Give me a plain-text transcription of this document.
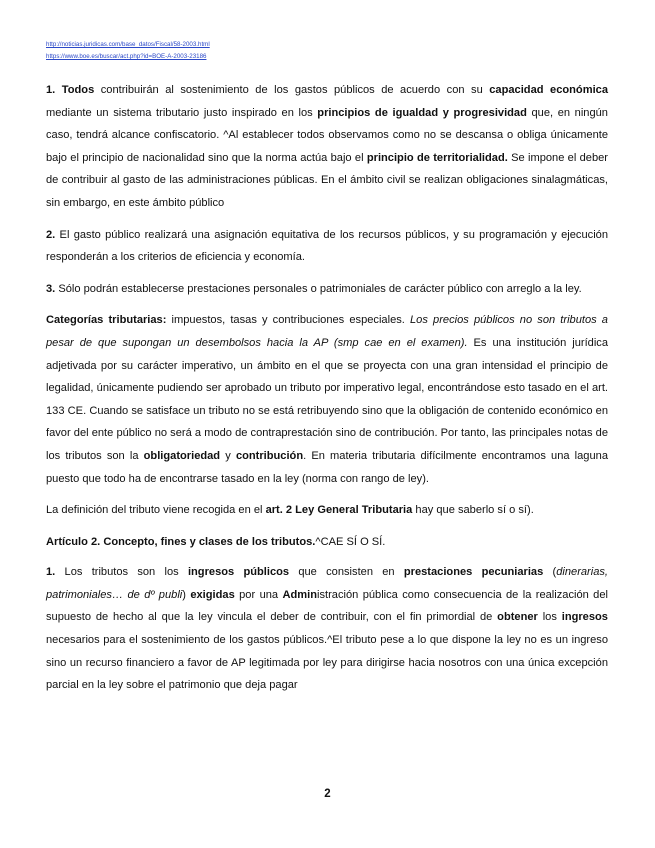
http://noticias.juridicas.com/base_datos/Fiscal/58-2003.html
https://www.boe.es/buscar/act.php?id=BOE-A-2003-23186

1. Todos contribuirán al sostenimiento de los gastos públicos de acuerdo con su capacidad económica mediante un sistema tributario justo inspirado en los principios de igualdad y progresividad que, en ningún caso, tendrá alcance confiscatorio. ^Al establecer todos observamos como no se descansa o obliga únicamente bajo el principio de nacionalidad sino que la norma actúa bajo el principio de territorialidad. Se impone el deber de contribuir al gasto de las administraciones públicas. En el ámbito civil se realizan obligaciones sinalagmáticas, sin embargo, en este ámbito público

2. El gasto público realizará una asignación equitativa de los recursos públicos, y su programación y ejecución responderán a los criterios de eficiencia y economía.

3. Sólo podrán establecerse prestaciones personales o patrimoniales de carácter público con arreglo a la ley.

Categorías tributarias: impuestos, tasas y contribuciones especiales. Los precios públicos no son tributos a pesar de que supongan un desembolsos hacia la AP (smp cae en el examen). Es una institución jurídica adjetivada por su carácter imperativo, un ámbito en el que se proyecta con una gran intensidad el principio de legalidad, únicamente pudiendo ser aprobado un tributo por imperativo legal, encontrándose esto tasado en el art. 133 CE. Cuando se satisface un tributo no se está retribuyendo sino que la obligación de contenido económico en favor del ente público no será a modo de contraprestación sino de contribución. Por tanto, las principales notas de los tributos son la obligatoriedad y contribución. En materia tributaria difícilmente encontramos una laguna puesto que todo ha de encontrarse tasado en la ley (norma con rango de ley).

La definición del tributo viene recogida en el art. 2 Ley General Tributaria hay que saberlo sí o sí).

Artículo 2. Concepto, fines y clases de los tributos.^CAE SÍ O SÍ.

1. Los tributos son los ingresos públicos que consisten en prestaciones pecuniarias (dinerarias, patrimoniales… de dº publi) exigidas por una Administración pública como consecuencia de la realización del supuesto de hecho al que la ley vincula el deber de contribuir, con el fin primordial de obtener los ingresos necesarios para el sostenimiento de los gastos públicos.^El tributo pese a lo que dispone la ley no es un ingreso sino un recurso financiero a favor de AP legitimada por ley para dirigirse hacia nosotros con una única excepción parcial en la ley sobre el patrimonio que deja pagar

2
